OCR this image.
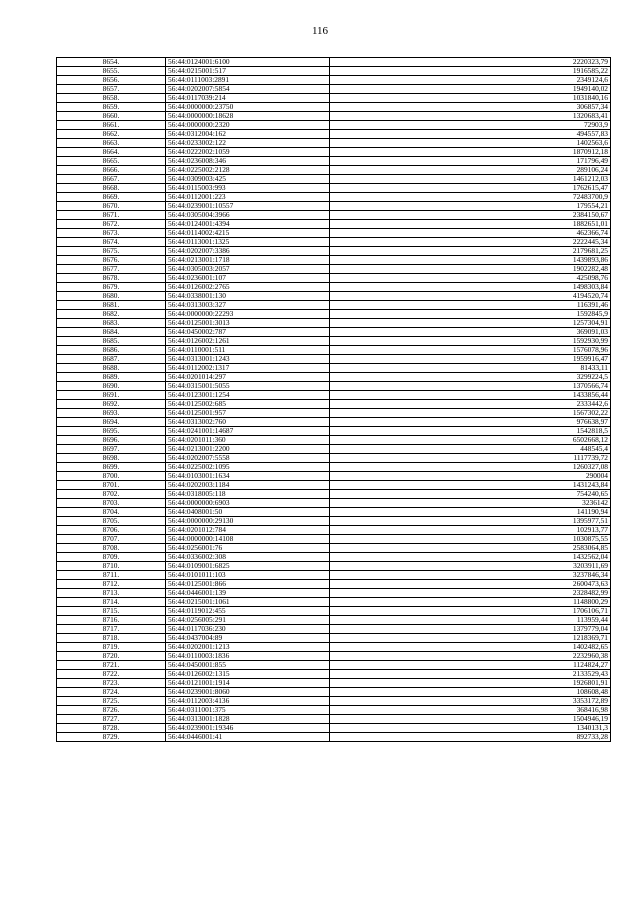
116
8654.	56:44:0124001:6100	2220323,79
8655.	56:44:0215001:517	1916585,22
8656.	56:44:0111003:2891	2349124,6
8657.	56:44:0202007:5854	1949140,02
8658.	56:44:0117039:214	1031840,16
8659.	56:44:0000000:23750	306857,34
8660.	56:44:0000000:18628	1320683,41
8661.	56:44:0000000:2320	72903,9
8662.	56:44:0312004:162	494557,83
8663.	56:44:0233002:122	1402563,6
8664.	56:44:0222002:1059	1870912,18
8665.	56:44:0236008:346	171796,49
8666.	56:44:0225002:2128	289106,24
8667.	56:44:0309003:425	1461212,03
8668.	56:44:0115003:993	1762615,47
8669.	56:44:0112001:223	72483700,9
8670.	56:44:0239001:10557	179554,21
8671.	56:44:0305004:3966	2384150,67
8672.	56:44:0124001:4394	1882651,01
8673.	56:44:0114002:4215	462366,74
8674.	56:44:0113001:1325	2222445,34
8675.	56:44:0202007:3386	2179681,25
8676.	56:44:0213001:1718	1439893,86
8677.	56:44:0305003:2057	1902282,48
8678.	56:44:0236001:107	425098,76
8679.	56:44:0126002:2765	1498303,84
8680.	56:44:0338001:130	4194520,74
8681.	56:44:0313003:327	116391,46
8682.	56:44:0000000:22293	1592845,9
8683.	56:44:0125001:3013	1257304,91
8684.	56:44:0450002:787	369091,03
8685.	56:44:0126002:1261	1592930,99
8686.	56:44:0110001:511	1576078,96
8687.	56:44:0313001:1243	1959916,47
8688.	56:44:0112002:1317	81433,11
8689.	56:44:0201014:297	3299224,5
8690.	56:44:0315001:5055	1370566,74
8691.	56:44:0123001:1254	1433856,44
8692.	56:44:0125002:685	2333442,6
8693.	56:44:0125001:957	1567302,22
8694.	56:44:0313002:760	976638,97
8695.	56:44:0241001:14687	1542818,5
8696.	56:44:0201011:360	6502668,12
8697.	56:44:0213001:2200	448545,4
8698.	56:44:0202007:5558	1117739,72
8699.	56:44:0225002:1095	1260327,08
8700.	56:44:0103001:1634	290004
8701.	56:44:0202003:1184	1431243,84
8702.	56:44:0318005:118	754240,65
8703.	56:44:0000000:6903	3236142
8704.	56:44:0408001:50	141190,94
8705.	56:44:0000000:29130	1395977,51
8706.	56:44:0201012:784	102913,77
8707.	56:44:0000000:14108	1030875,55
8708.	56:44:0256001:76	2583064,85
8709.	56:44:0336002:308	1432562,04
8710.	56:44:0109001:6825	3203911,69
8711.	56:44:0101011:103	3237846,34
8712.	56:44:0125001:866	2600473,63
8713.	56:44:0446001:139	2328482,99
8714.	56:44:0215001:1061	1148800,29
8715.	56:44:0119012:455	1706106,71
8716.	56:44:0256005:291	113959,44
8717.	56:44:0117036:230	1379779,04
8718.	56:44:0437004:89	1218369,71
8719.	56:44:0202001:1213	1402482,65
8720.	56:44:0110003:1836	2232960,38
8721.	56:44:0450001:855	1124824,27
8722.	56:44:0126002:1315	2133529,43
8723.	56:44:0121001:1914	1926801,91
8724.	56:44:0239001:8060	108608,48
8725.	56:44:0112003:4136	3353172,89
8726.	56:44:0311001:375	368416,98
8727.	56:44:0313001:1828	1504946,19
8728.	56:44:0239001:19346	1340131,3
8729.	56:44:0446001:41	892733,28
